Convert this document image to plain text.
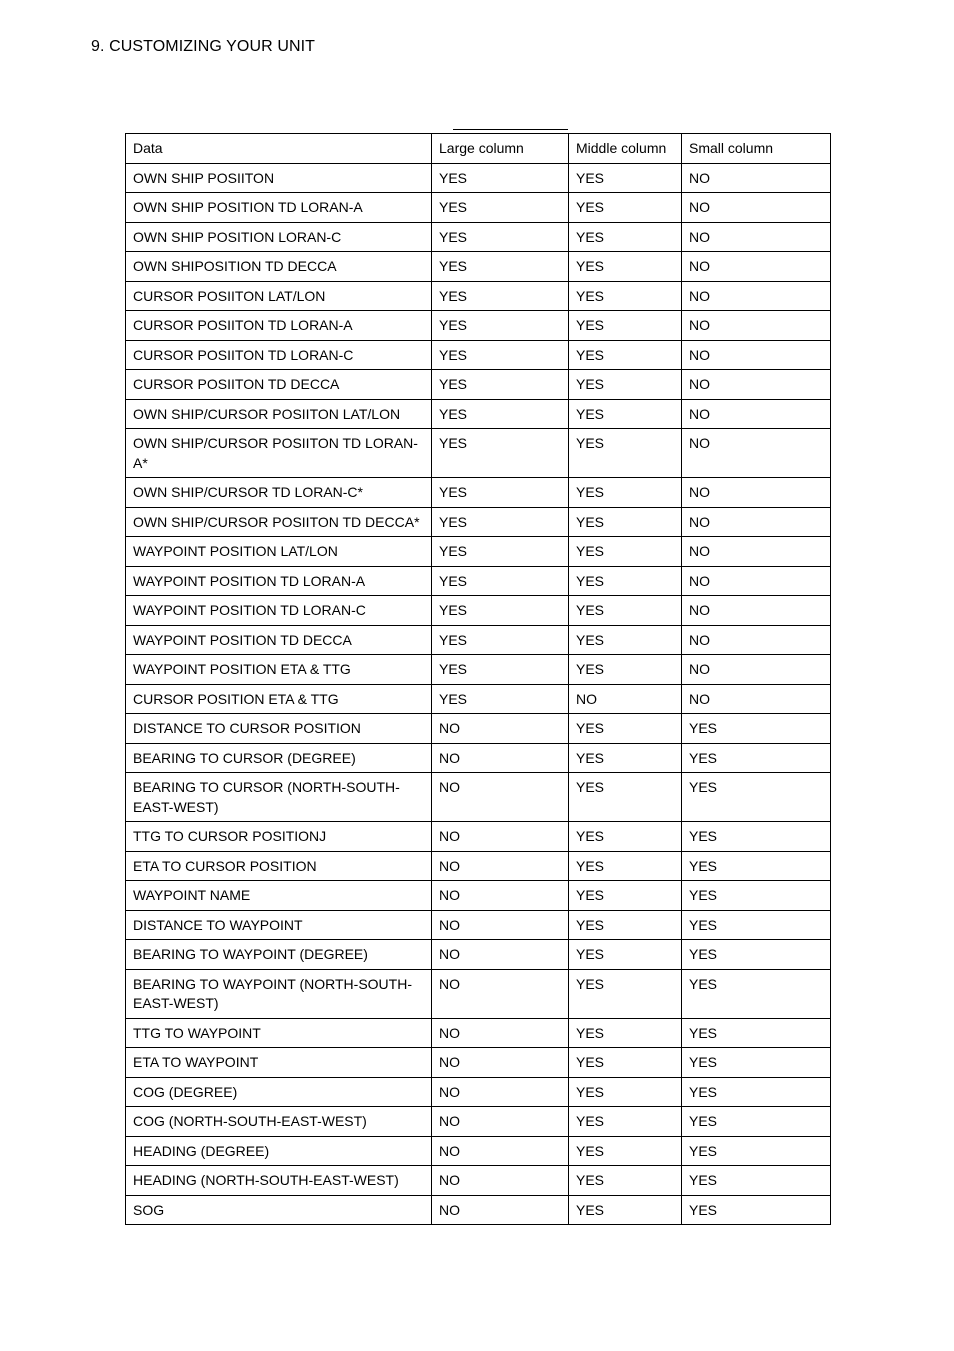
9. CUSTOMIZING YOUR UNIT
Data	Large column	Middle column	Small column
OWN SHIP POSIITON	YES	YES	NO
OWN SHIP POSITION TD LORAN-A	YES	YES	NO
OWN SHIP POSITION LORAN-C	YES	YES	NO
OWN SHIPOSITION TD DECCA	YES	YES	NO
CURSOR POSIITON LAT/LON	YES	YES	NO
CURSOR POSIITON TD LORAN-A	YES	YES	NO
CURSOR POSIITON TD LORAN-C	YES	YES	NO
CURSOR POSIITON TD DECCA	YES	YES	NO
OWN SHIP/CURSOR POSIITON LAT/LON	YES	YES	NO
OWN SHIP/CURSOR POSIITON TD LORAN-A*	YES	YES	NO
OWN SHIP/CURSOR TD LORAN-C*	YES	YES	NO
OWN SHIP/CURSOR POSIITON TD DECCA*	YES	YES	NO
WAYPOINT POSITION LAT/LON	YES	YES	NO
WAYPOINT POSITION TD LORAN-A	YES	YES	NO
WAYPOINT POSITION TD LORAN-C	YES	YES	NO
WAYPOINT POSITION TD DECCA	YES	YES	NO
WAYPOINT POSITION ETA & TTG	YES	YES	NO
CURSOR POSITION ETA & TTG	YES	NO	NO
DISTANCE TO CURSOR POSITION	NO	YES	YES
BEARING TO CURSOR (DEGREE)	NO	YES	YES
BEARING TO CURSOR (NORTH-SOUTH-EAST-WEST)	NO	YES	YES
TTG TO CURSOR POSITIONJ	NO	YES	YES
ETA TO CURSOR POSITION	NO	YES	YES
WAYPOINT NAME	NO	YES	YES
DISTANCE TO WAYPOINT	NO	YES	YES
BEARING TO WAYPOINT (DEGREE)	NO	YES	YES
BEARING TO WAYPOINT (NORTH-SOUTH-EAST-WEST)	NO	YES	YES
TTG TO WAYPOINT	NO	YES	YES
ETA TO WAYPOINT	NO	YES	YES
COG (DEGREE)	NO	YES	YES
COG (NORTH-SOUTH-EAST-WEST)	NO	YES	YES
HEADING (DEGREE)	NO	YES	YES
HEADING (NORTH-SOUTH-EAST-WEST)	NO	YES	YES
SOG	NO	YES	YES
